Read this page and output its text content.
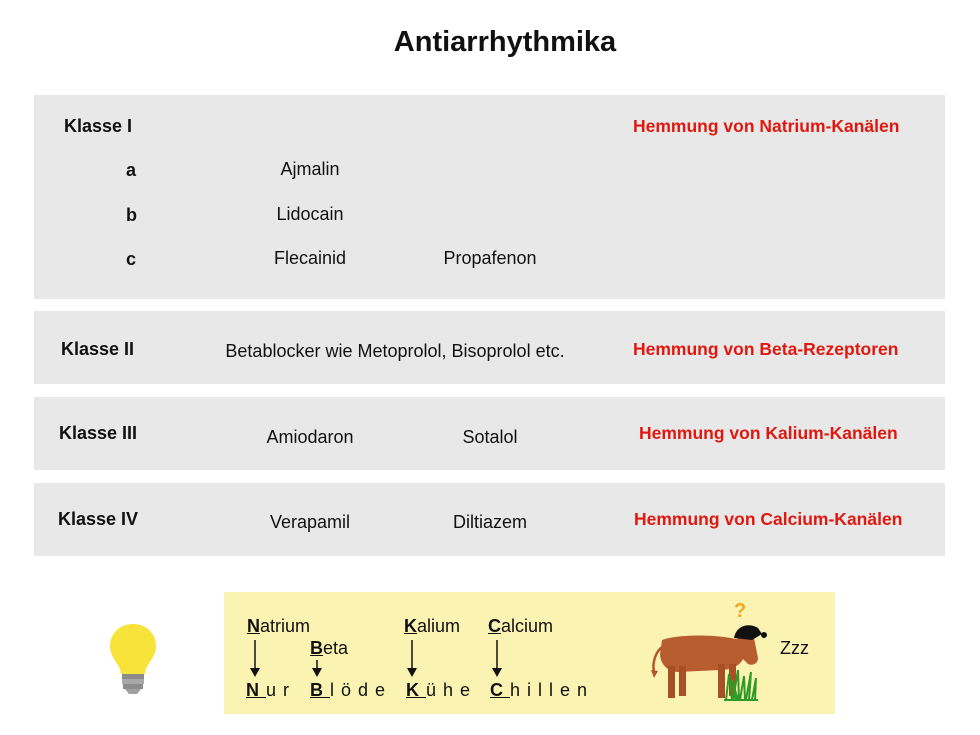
Antiarrhythmika
Klasse I	Hemmung von Natrium-Kanälen
a	Ajmalin
b	Lidocain
c	Flecainid	Propafenon
Klasse II	Betablocker wie Metoprolol, Bisoprolol etc.	Hemmung von Beta-Rezeptoren
Klasse III	Amiodaron	Sotalol	Hemmung von Kalium-Kanälen
Klasse IV	Verapamil	Diltiazem	Hemmung von Calcium-Kanälen
Natrium
Beta
Kalium Calcium
Nur Blöde Kühe Chillen
?
Zzz
